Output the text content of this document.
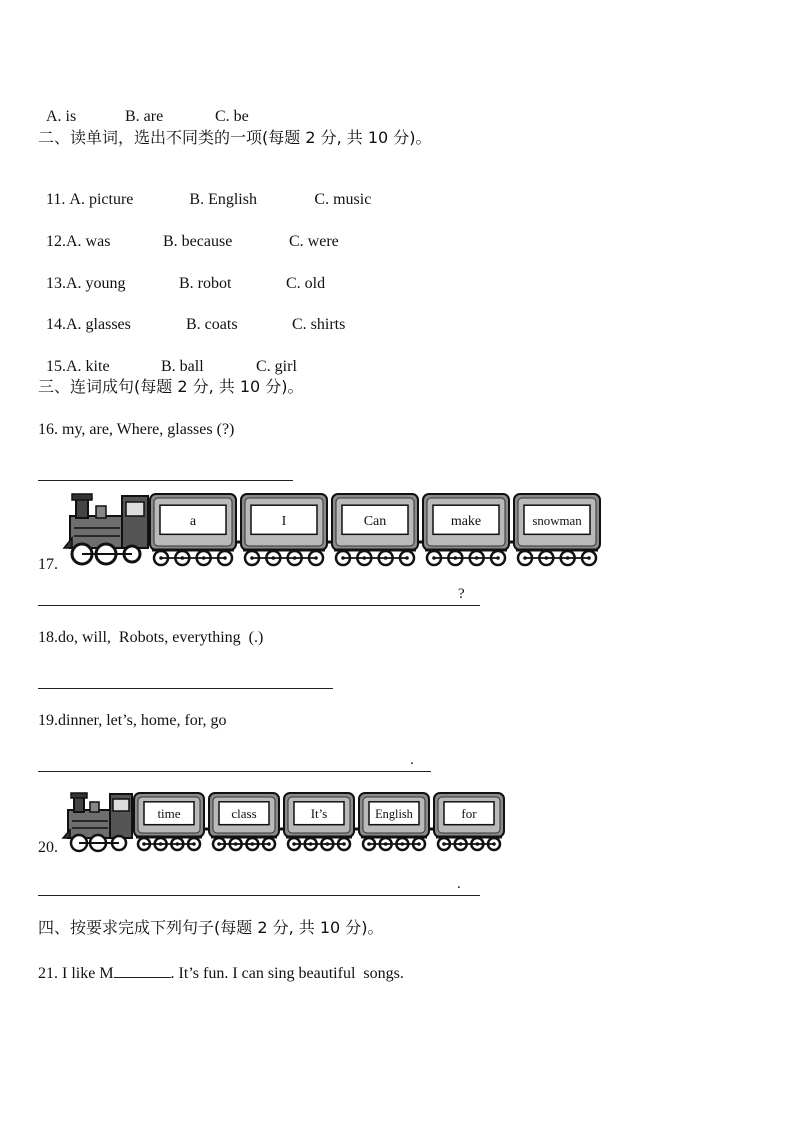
A. is	B. are	C. be

二、读单词，选出不同类的一项(每题 2 分, 共 10 分)。

11. A. picture	B. English	C. music

12.A. was	B. because	C. were

13.A. young	B. robot	C. old

14.A. glasses	B. coats	C. shirts

15.A. kite	B. ball	C. girl

三、连词成句(每题 2 分, 共 10 分)。
16. my, are, Where, glasses (?)
a	I	Can	make	snowman
17.
?
18.do, will,  Robots, everything  (.)
19.dinner, let’s, home, for, go
.
time	class	It’s	English	for
20.
.
四、按要求完成下列句子(每题 2 分, 共 10 分)。
21. I like M	. It’s fun. I can sing beautiful  songs.
